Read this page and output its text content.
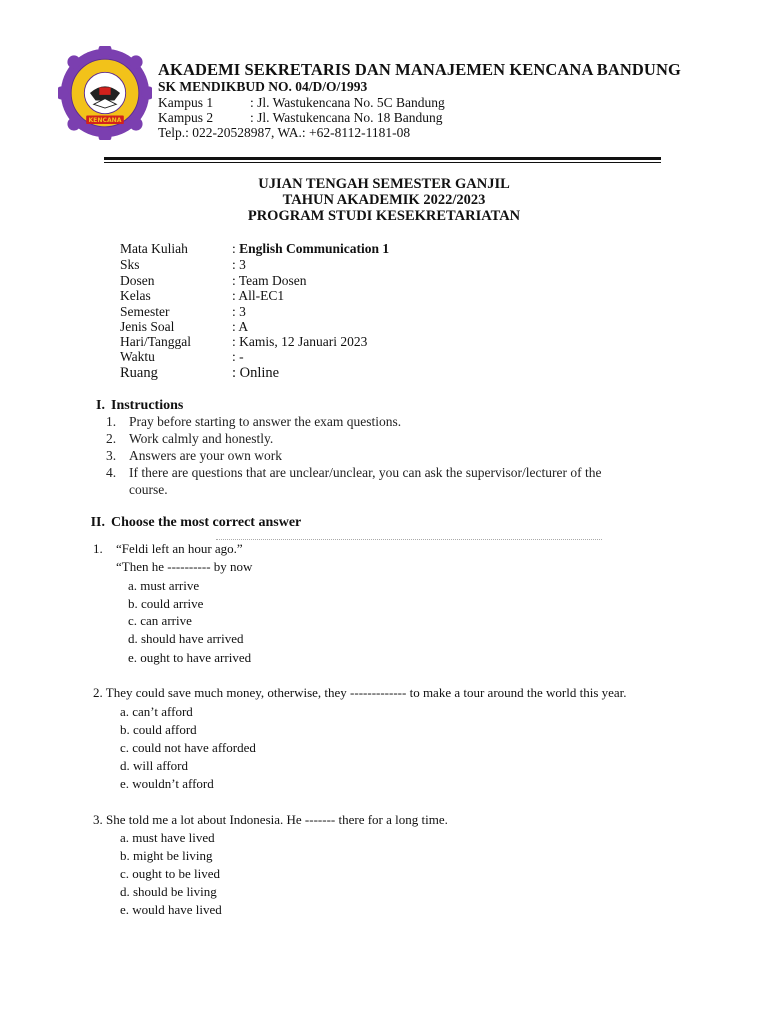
KENCANA
AKADEMI SEKRETARIS DAN MANAJEMEN KENCANA BANDUNG
SK MENDIKBUD NO. 04/D/O/1993
Kampus 1	: Jl. Wastukencana No. 5C Bandung
Kampus 2	: Jl. Wastukencana No. 18 Bandung
Telp.: 022-20528987, WA.: +62-8112-1181-08
UJIAN TENGAH SEMESTER GANJIL
TAHUN AKADEMIK 2022/2023
PROGRAM STUDI KESEKRETARIATAN
Mata Kuliah	: English Communication 1
Sks	: 3
Dosen	: Team Dosen
Kelas	: All-EC1
Semester	: 3
Jenis Soal	: A
Hari/Tanggal	: Kamis, 12 Januari 2023
Waktu	: -
Ruang	: Online
I. Instructions
1. Pray before starting to answer the exam questions.
2. Work calmly and honestly.
3. Answers are your own work
4. If there are questions that are unclear/unclear, you can ask the supervisor/lecturer of the
course.
II. Choose the most correct answer
1. “Feldi left an hour ago.”
“Then he ---------- by now
a. must arrive
b. could arrive
c. can arrive
d. should have arrived
e. ought to have arrived
2. They could save much money, otherwise, they ------------- to make a tour around the world this year.
a. can’t afford
b. could afford
c. could not have afforded
d. will afford
e. wouldn’t afford
3. She told me a lot about Indonesia. He ------- there for a long time.
a. must have lived
b. might be living
c. ought to be lived
d. should be living
e. would have lived
